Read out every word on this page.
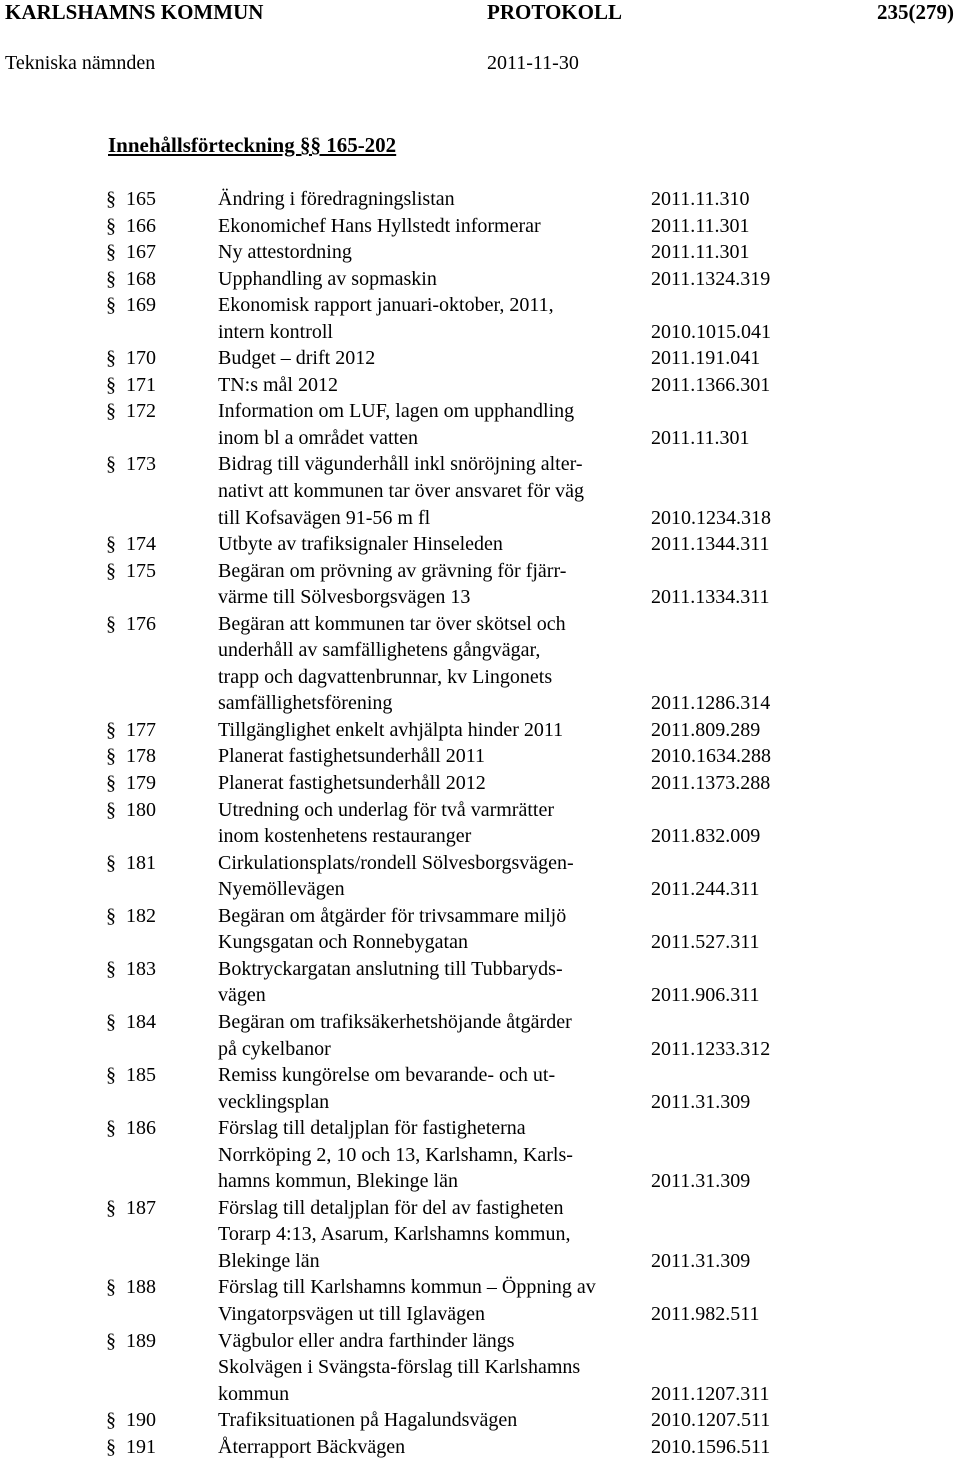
KARLSHAMNS KOMMUN	PROTOKOLL	235(279)
Tekniska nämnden	2011-11-30
Innehållsförteckning §§ 165-202
§ 165	Ändring i föredragningslistan	2011.11.310
§ 166	Ekonomichef Hans Hyllstedt informerar	2011.11.301
§ 167	Ny attestordning	2011.11.301
§ 168	Upphandling av sopmaskin	2011.1324.319
§ 169	Ekonomisk rapport januari-oktober, 2011,
intern kontroll	2010.1015.041
§ 170	Budget – drift 2012	2011.191.041
§ 171	TN:s mål 2012	2011.1366.301
§ 172	Information om LUF, lagen om upphandling
inom bl a området vatten	2011.11.301
§ 173	Bidrag till vägunderhåll inkl snöröjning alter-
nativt att kommunen tar över ansvaret för väg
till Kofsavägen 91-56 m fl	2010.1234.318
§ 174	Utbyte av trafiksignaler Hinseleden	2011.1344.311
§ 175	Begäran om prövning av grävning för fjärr-
värme till Sölvesborgsvägen 13	2011.1334.311
§ 176	Begäran att kommunen tar över skötsel och
underhåll av samfällighetens gångvägar,
trapp och dagvattenbrunnar, kv Lingonets
samfällighetsförening	2011.1286.314
§ 177	Tillgänglighet enkelt avhjälpta hinder 2011	2011.809.289
§ 178	Planerat fastighetsunderhåll 2011	2010.1634.288
§ 179	Planerat fastighetsunderhåll 2012	2011.1373.288
§ 180	Utredning och underlag för två varmrätter
inom kostenhetens restauranger	2011.832.009
§ 181	Cirkulationsplats/rondell Sölvesborgsvägen-
Nyemöllevägen	2011.244.311
§ 182	Begäran om åtgärder för trivsammare miljö
Kungsgatan och Ronnebygatan	2011.527.311
§ 183	Boktryckargatan anslutning till Tubbaryds-
vägen	2011.906.311
§ 184	Begäran om trafiksäkerhetshöjande åtgärder
på cykelbanor	2011.1233.312
§ 185	Remiss kungörelse om bevarande- och ut-
vecklingsplan	2011.31.309
§ 186	Förslag till detaljplan för fastigheterna
Norrköping 2, 10 och 13, Karlshamn, Karls-
hamns kommun, Blekinge län	2011.31.309
§ 187	Förslag till detaljplan för del av fastigheten
Torarp 4:13, Asarum, Karlshamns kommun,
Blekinge län	2011.31.309
§ 188	Förslag till Karlshamns kommun – Öppning av
Vingatorpsvägen ut till Iglavägen	2011.982.511
§ 189	Vägbulor eller andra farthinder längs
Skolvägen i Svängsta-förslag till Karlshamns
kommun	2011.1207.311
§ 190	Trafiksituationen på Hagalundsvägen	2010.1207.511
§ 191	Återrapport Bäckvägen	2010.1596.511
